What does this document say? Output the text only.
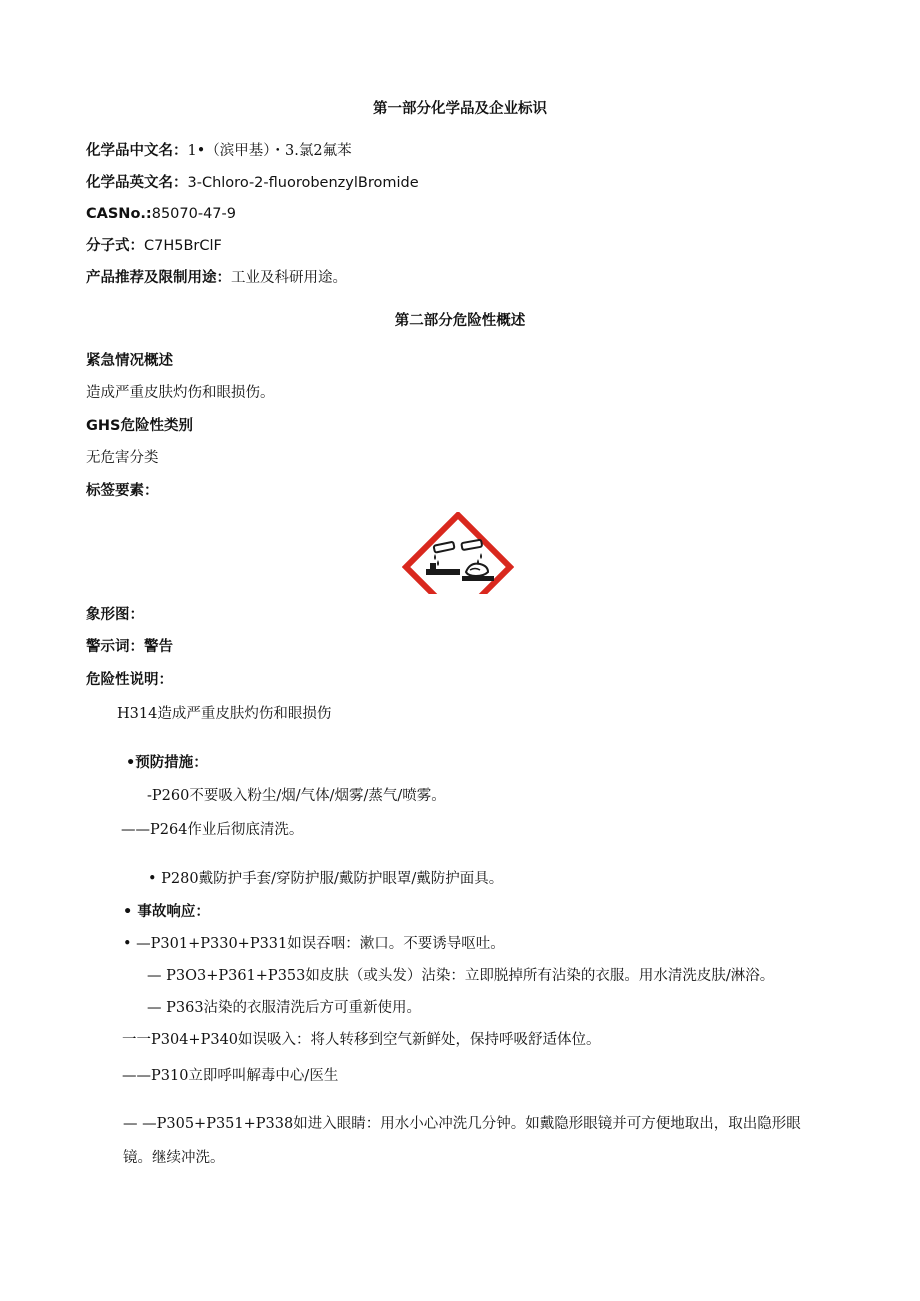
第一部分化学品及企业标识
化学品中文名：1•（滨甲基）・3.氯2氟苯
化学品英文名：3-Chloro-2-fluorobenzylBromide
CASNo.:85070-47-9
分子式：C7H5BrClF
产品推荐及限制用途：工业及科研用途。
第二部分危险性概述
紧急情况概述
造成严重皮肤灼伤和眼损伤。
GHS危险性类别
无危害分类
标签要素：
象形图：
警示词：警告
危险性说明：
H314造成严重皮肤灼伤和眼损伤
•预防措施：
-P260不要吸入粉尘/烟/气体/烟雾/蒸气/喷雾。
——P264作业后彻底清洗。
• P280戴防护手套/穿防护服/戴防护眼罩/戴防护面具。
• 事故响应：
• —P301+P330+P331如误吞咽：漱口。不要诱导呕吐。
— P3O3+P361+P353如皮肤（或头发）沾染：立即脱掉所有沾染的衣服。用水清洗皮肤/淋浴。
— P363沾染的衣服清洗后方可重新使用。
一一P304+P340如误吸入：将人转移到空气新鲜处，保持呼吸舒适体位。
——P310立即呼叫解毒中心/医生
— —P305+P351+P338如进入眼睛：用水小心冲洗几分钟。如戴隐形眼镜并可方便地取出，取出隐形眼
镜。继续冲洗。
